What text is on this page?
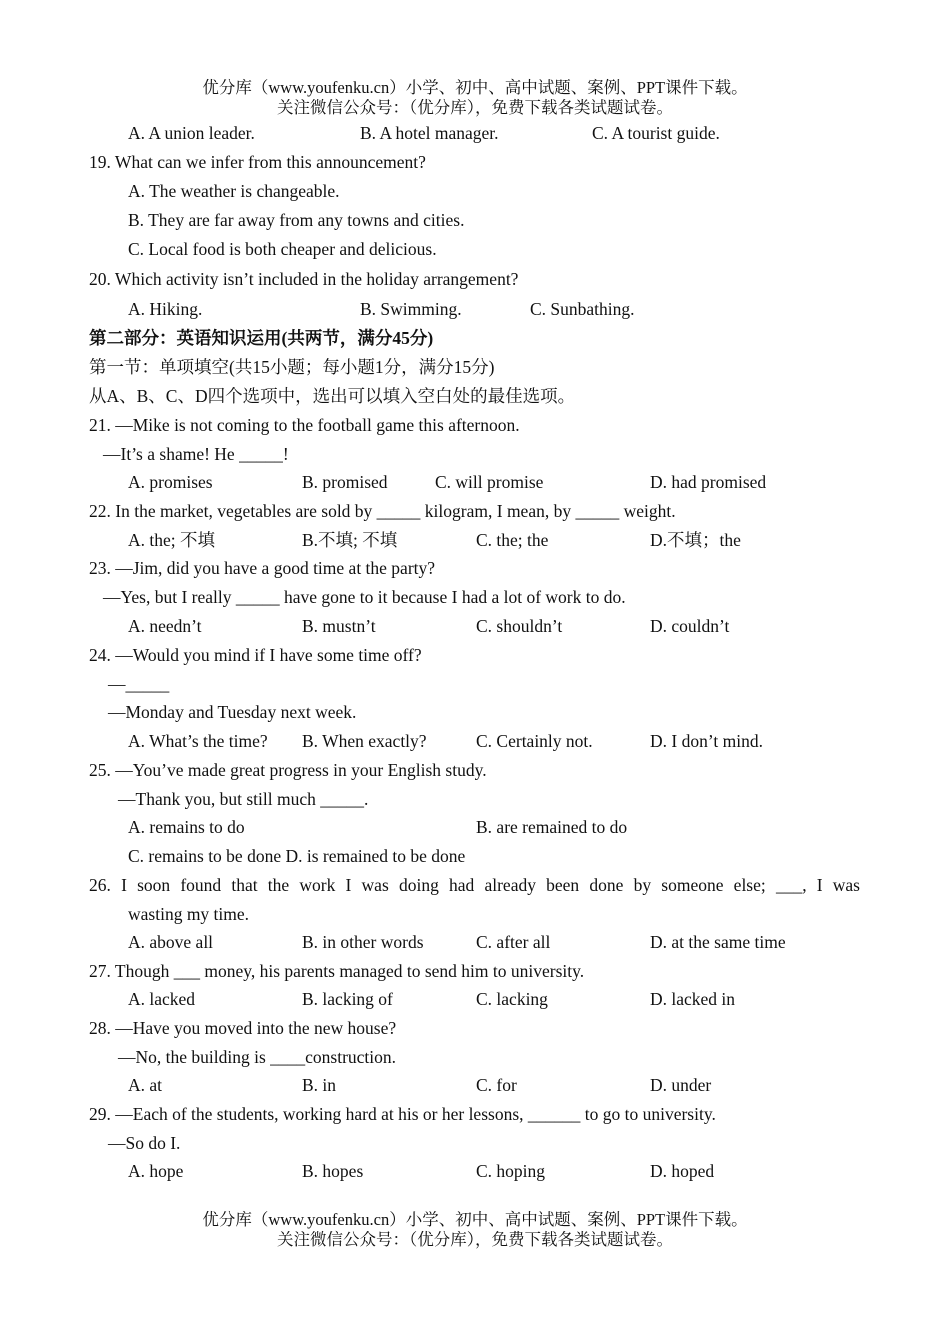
优分库（www.youfenku.cn）小学、初中、高中试题、案例、PPT课件下载。
关注微信公众号：（优分库），免费下载各类试题试卷。
A. A union leader.	B. A hotel manager.	C. A tourist guide.
19. What can we infer from this announcement?
A. The weather is changeable.
B. They are far away from any towns and cities.
C. Local food is both cheaper and delicious.
20. Which activity isn’t included in the holiday arrangement?
A. Hiking.	B. Swimming.	C. Sunbathing.
第二部分：英语知识运用(共两节，满分45分)
第一节：单项填空(共15小题；每小题1分，满分15分)
从A、B、C、D四个选项中，选出可以填入空白处的最佳选项。
21. —Mike is not coming to the football game this afternoon.
—It’s a shame! He _____!
A. promises	B. promised	C. will promise	D. had promised
22. In the market, vegetables are sold by _____ kilogram, I mean, by _____ weight.
A. the; 不填	B.不填; 不填	C. the; the	D.不填；the
23. —Jim, did you have a good time at the party?
—Yes, but I really _____ have gone to it because I had a lot of work to do.
A. needn’t	B. mustn’t	C. shouldn’t	D. couldn’t
24. —Would you mind if I have some time off?
—_____
—Monday and Tuesday next week.
A. What’s the time? B. When exactly?	C. Certainly not.	D. I don’t mind.
25. —You’ve made great progress in your English study.
—Thank you, but still much _____.
A. remains to do	B. are remained to do
C. remains to be done D. is remained to be done
26. I soon found that the work I was doing had already been done by someone else; ___, I was
wasting my time.
A. above all	B. in other words	C. after all	D. at the same time
27. Though ___ money, his parents managed to send him to university.
A. lacked	B. lacking of	C. lacking	D. lacked in
28. —Have you moved into the new house?
—No, the building is ____construction.
A. at	B. in	C. for	D. under
29. —Each of the students, working hard at his or her lessons, ______ to go to university.
—So do I.
A. hope	B. hopes	C. hoping	D. hoped
优分库（www.youfenku.cn）小学、初中、高中试题、案例、PPT课件下载。
关注微信公众号：（优分库），免费下载各类试题试卷。
